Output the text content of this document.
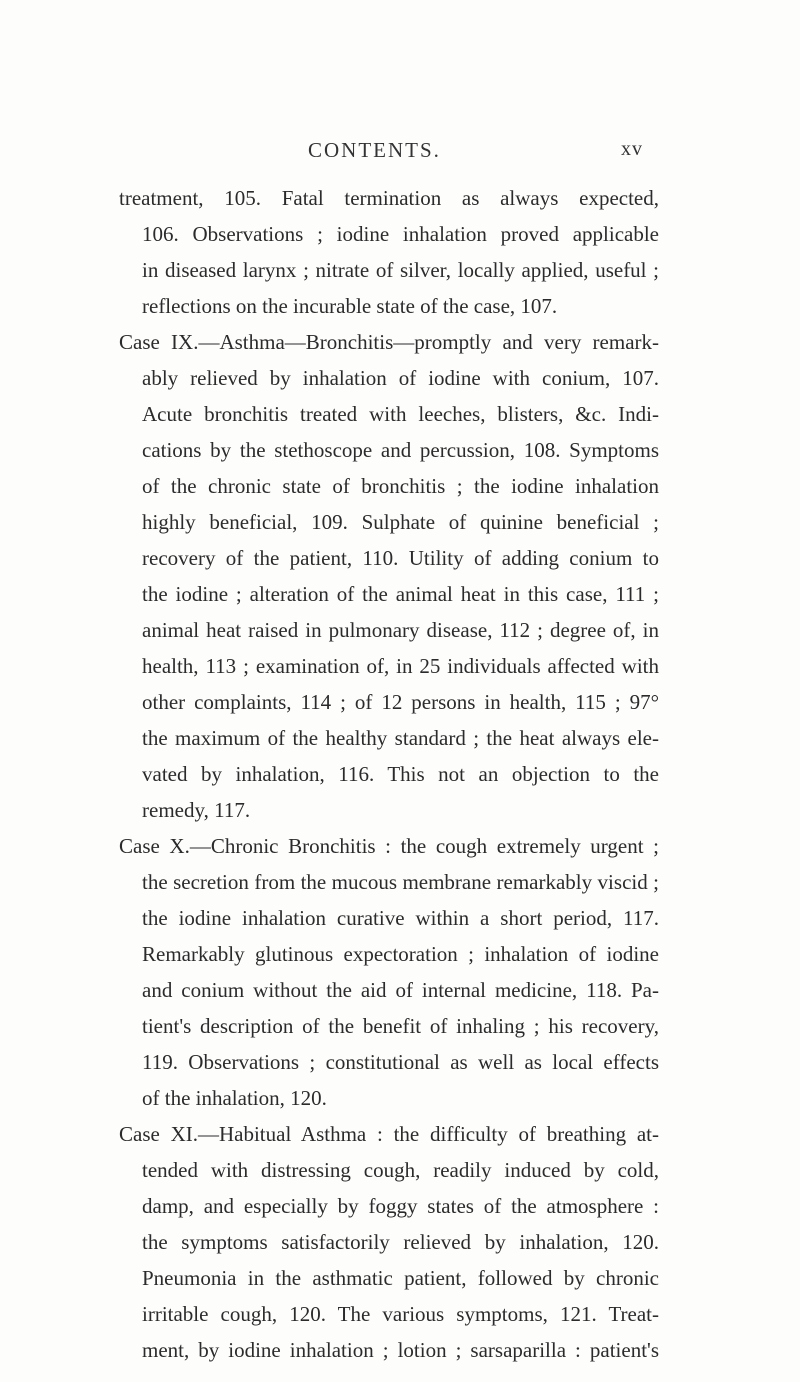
CONTENTS.	xv
treatment, 105. Fatal termination as always expected,
106. Observations ; iodine inhalation proved applicable
in diseased larynx ; nitrate of silver, locally applied, useful ;
reflections on the incurable state of the case, 107.
Case IX.—Asthma—Bronchitis—promptly and very remark-
ably relieved by inhalation of iodine with conium, 107.
Acute bronchitis treated with leeches, blisters, &c. Indi-
cations by the stethoscope and percussion, 108. Symptoms
of the chronic state of bronchitis ; the iodine inhalation
highly beneficial, 109. Sulphate of quinine beneficial ;
recovery of the patient, 110. Utility of adding conium to
the iodine ; alteration of the animal heat in this case, 111 ;
animal heat raised in pulmonary disease, 112 ; degree of, in
health, 113 ; examination of, in 25 individuals affected with
other complaints, 114 ; of 12 persons in health, 115 ; 97°
the maximum of the healthy standard ; the heat always ele-
vated by inhalation, 116. This not an objection to the
remedy, 117.
Case X.—Chronic Bronchitis : the cough extremely urgent ;
the secretion from the mucous membrane remarkably viscid ;
the iodine inhalation curative within a short period, 117.
Remarkably glutinous expectoration ; inhalation of iodine
and conium without the aid of internal medicine, 118. Pa-
tient's description of the benefit of inhaling ; his recovery,
119. Observations ; constitutional as well as local effects
of the inhalation, 120.
Case XI.—Habitual Asthma : the difficulty of breathing at-
tended with distressing cough, readily induced by cold,
damp, and especially by foggy states of the atmosphere :
the symptoms satisfactorily relieved by inhalation, 120.
Pneumonia in the asthmatic patient, followed by chronic
irritable cough, 120. The various symptoms, 121. Treat-
ment, by iodine inhalation ; lotion ; sarsaparilla : patient's
